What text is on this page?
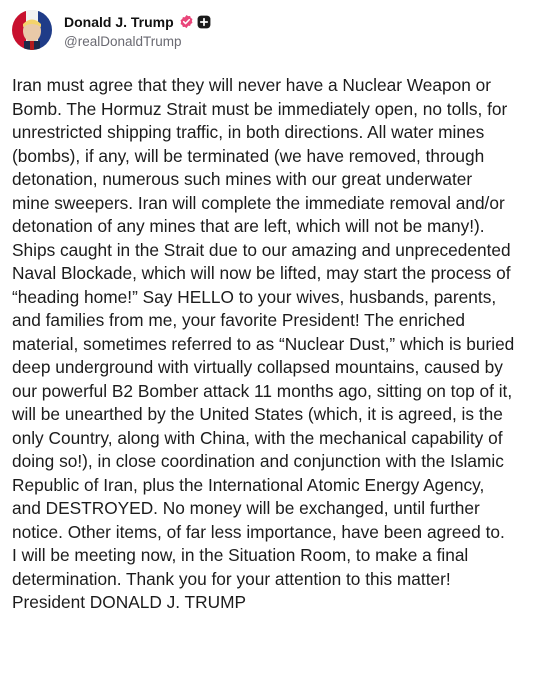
Donald J. Trump
@realDonaldTrump

Iran must agree that they will never have a Nuclear Weapon or
Bomb. The Hormuz Strait must be immediately open, no tolls, for
unrestricted shipping traffic, in both directions. All water mines
(bombs), if any, will be terminated (we have removed, through
detonation, numerous such mines with our great underwater
mine sweepers. Iran will complete the immediate removal and/or
detonation of any mines that are left, which will not be many!).
Ships caught in the Strait due to our amazing and unprecedented
Naval Blockade, which will now be lifted, may start the process of
“heading home!” Say HELLO to your wives, husbands, parents,
and families from me, your favorite President! The enriched
material, sometimes referred to as “Nuclear Dust,” which is buried
deep underground with virtually collapsed mountains, caused by
our powerful B2 Bomber attack 11 months ago, sitting on top of it,
will be unearthed by the United States (which, it is agreed, is the
only Country, along with China, with the mechanical capability of
doing so!), in close coordination and conjunction with the Islamic
Republic of Iran, plus the International Atomic Energy Agency,
and DESTROYED. No money will be exchanged, until further
notice. Other items, of far less importance, have been agreed to.
I will be meeting now, in the Situation Room, to make a final
determination. Thank you for your attention to this matter!
President DONALD J. TRUMP
